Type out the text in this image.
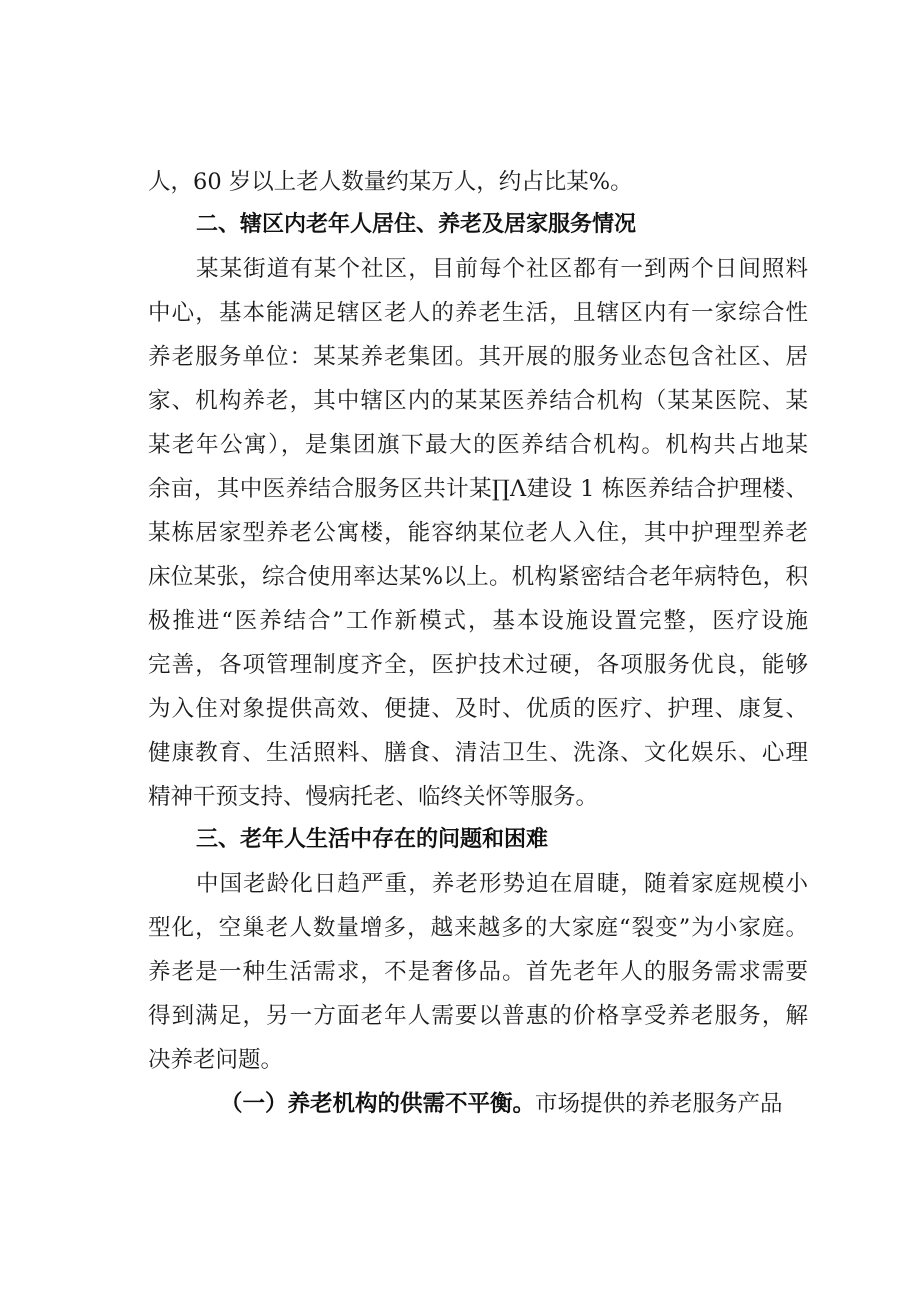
人，60 岁以上老人数量约某万人，约占比某%。
二、辖区内老年人居住、养老及居家服务情况
某某街道有某个社区，目前每个社区都有一到两个日间照料
中心，基本能满足辖区老人的养老生活，且辖区内有一家综合性
养老服务单位：某某养老集团。其开展的服务业态包含社区、居
家、机构养老，其中辖区内的某某医养结合机构（某某医院、某
某老年公寓），是集团旗下最大的医养结合机构。机构共占地某
余亩，其中医养结合服务区共计某∏Λ建设 1 栋医养结合护理楼、
某栋居家型养老公寓楼，能容纳某位老人入住，其中护理型养老
床位某张，综合使用率达某%以上。机构紧密结合老年病特色，积
极推进“医养结合”工作新模式，基本设施设置完整，医疗设施
完善，各项管理制度齐全，医护技术过硬，各项服务优良，能够
为入住对象提供高效、便捷、及时、优质的医疗、护理、康复、
健康教育、生活照料、膳食、清洁卫生、洗涤、文化娱乐、心理
精神干预支持、慢病托老、临终关怀等服务。
三、老年人生活中存在的问题和困难
中国老龄化日趋严重，养老形势迫在眉睫，随着家庭规模小
型化，空巢老人数量增多，越来越多的大家庭“裂变”为小家庭。
养老是一种生活需求，不是奢侈品。首先老年人的服务需求需要
得到满足，另一方面老年人需要以普惠的价格享受养老服务，解
决养老问题。
（一）养老机构的供需不平衡。市场提供的养老服务产品
